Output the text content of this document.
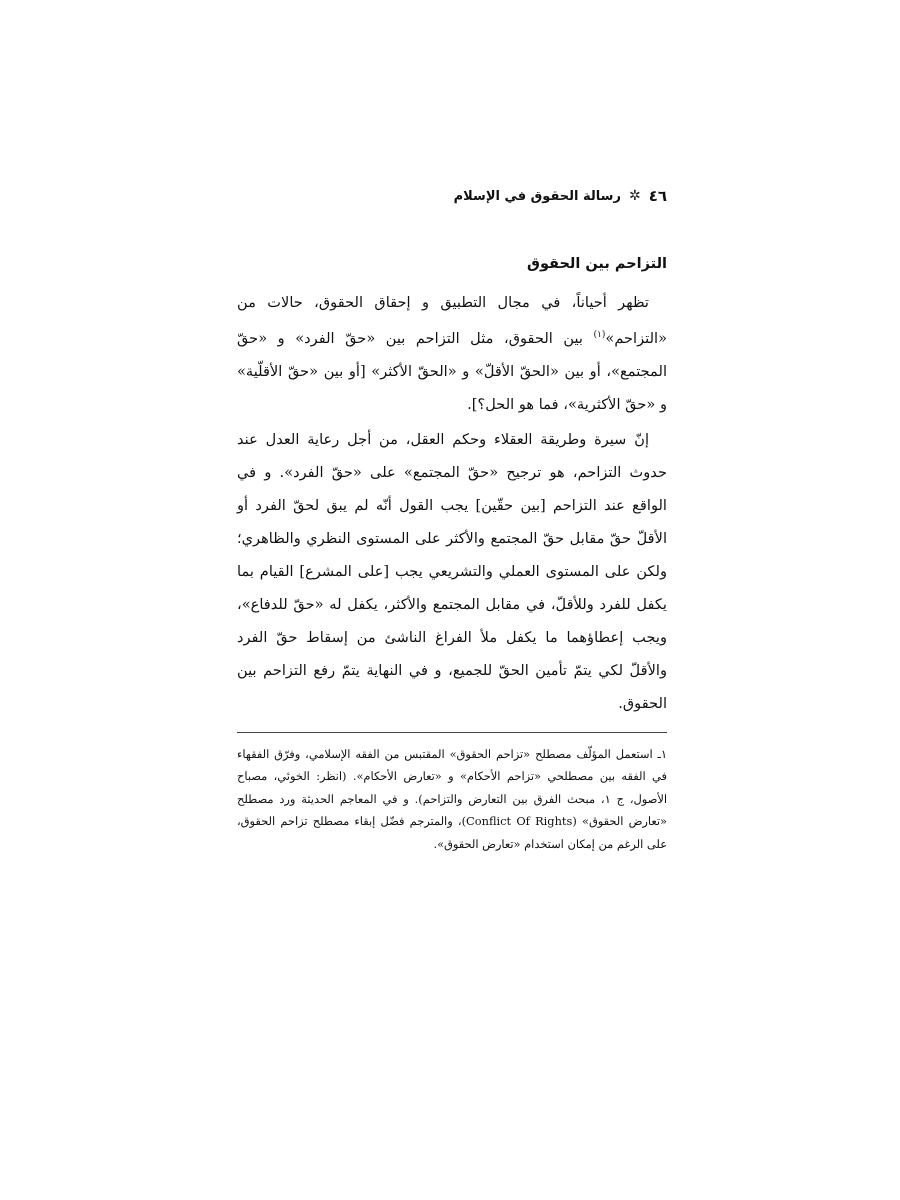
٤٦
✲
رسالة الحقوق في الإسلام
التزاحم بين الحقوق

تظهر أحياناً، في مجال التطبيق و إحقاق الحقوق، حالات من «التزاحم»$^{(١)}$ بين الحقوق، مثل التزاحم بين «حقّ الفرد» و «حقّ المجتمع»، أو بين «الحقّ الأقلّ» و «الحقّ الأكثر» [أو بين «حقّ الأقلّية» و «حقّ الأكثرية»، فما هو الحل؟].

إنّ سيرة وطريقة العقلاء وحكم العقل، من أجل رعاية العدل عند حدوث التزاحم، هو ترجيح «حقّ المجتمع» على «حقّ الفرد». و في الواقع عند التزاحم [بين حقّين] يجب القول أنّه لم يبق لحقّ الفرد أو الأقلّ حقّ مقابل حقّ المجتمع والأكثر على المستوى النظري والظاهري؛ ولكن على المستوى العملي والتشريعي يجب [على المشرع] القيام بما يكفل للفرد وللأقلّ، في مقابل المجتمع والأكثر، يكفل له «حقّ للدفاع»، ويجب إعطاؤهما ما يكفل ملأ الفراغ الناشئ من إسقاط حقّ الفرد والأقلّ لكي يتمّ تأمين الحقّ للجميع، و في النهاية يتمّ رفع التزاحم بين الحقوق.

١ـ استعمل المؤلّف مصطلح «تزاحم الحقوق» المقتبس من الفقه الإسلامي، وفرّق الفقهاء في الفقه بين مصطلحي «تزاحم الأحكام» و «تعارض الأحكام». (انظر: الخوئي، مصباح الأصول، ج ١، مبحث الفرق بين التعارض والتزاحم). و في المعاجم الحديثة ورد مصطلح «تعارض الحقوق» (Conflict Of Rights)، والمترجم فضّل إبقاء مصطلح تزاحم الحقوق، على الرغم من إمكان استخدام «تعارض الحقوق».
